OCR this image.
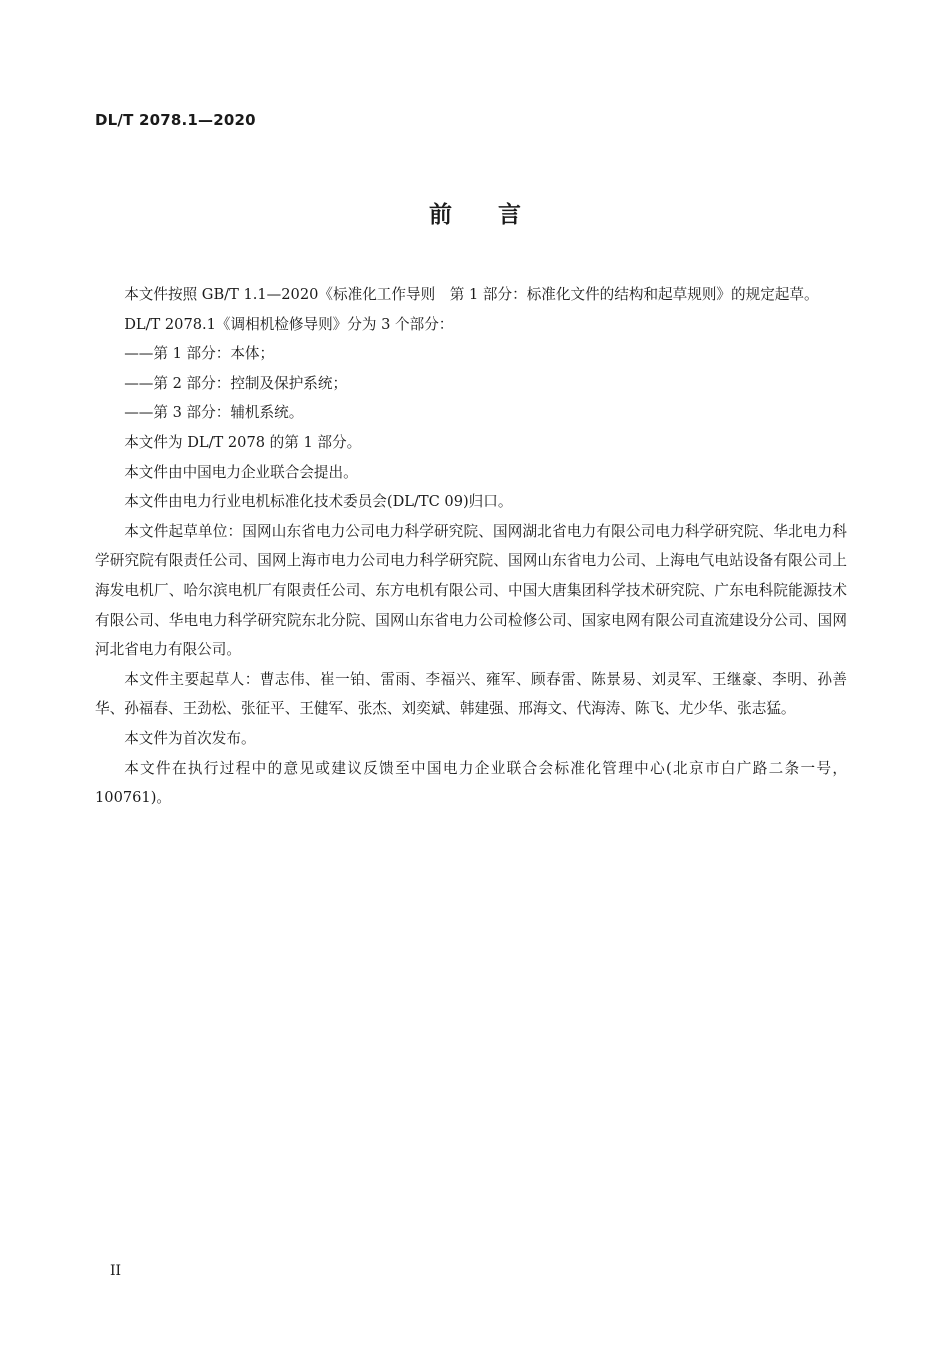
DL/T 2078.1—2020
前　　言

本文件按照 GB/T 1.1—2020《标准化工作导则　第 1 部分：标准化文件的结构和起草规则》的规定起草。

DL/T 2078.1《调相机检修导则》分为 3 个部分：

——第 1 部分：本体；

——第 2 部分：控制及保护系统；

——第 3 部分：辅机系统。

本文件为 DL/T 2078 的第 1 部分。

本文件由中国电力企业联合会提出。

本文件由电力行业电机标准化技术委员会(DL/TC 09)归口。

本文件起草单位：国网山东省电力公司电力科学研究院、国网湖北省电力有限公司电力科学研究院、华北电力科学研究院有限责任公司、国网上海市电力公司电力科学研究院、国网山东省电力公司、上海电气电站设备有限公司上海发电机厂、哈尔滨电机厂有限责任公司、东方电机有限公司、中国大唐集团科学技术研究院、广东电科院能源技术有限公司、华电电力科学研究院东北分院、国网山东省电力公司检修公司、国家电网有限公司直流建设分公司、国网河北省电力有限公司。

本文件主要起草人：曹志伟、崔一铂、雷雨、李福兴、雍军、顾春雷、陈景易、刘灵军、王继豪、李明、孙善华、孙福春、王劲松、张征平、王健军、张杰、刘奕斌、韩建强、邢海文、代海涛、陈飞、尤少华、张志猛。

本文件为首次发布。

本文件在执行过程中的意见或建议反馈至中国电力企业联合会标准化管理中心(北京市白广路二条一号，100761)。

II
